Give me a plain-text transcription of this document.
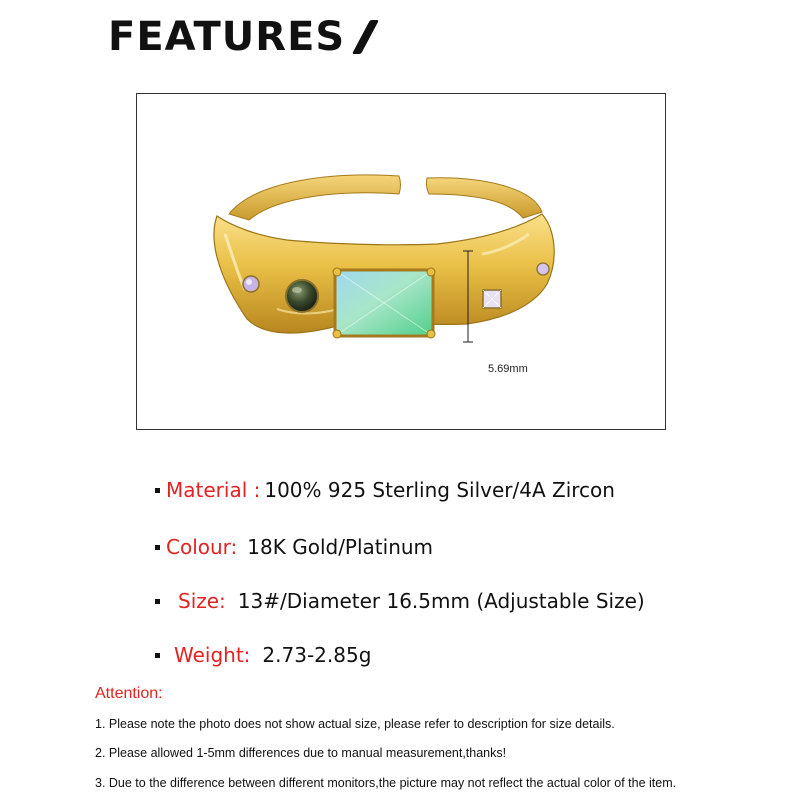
FEATURES
5.69mm
Material : 100% 925 Sterling Silver/4A Zircon
Colour: 18K Gold/Platinum
Size: 13#/Diameter 16.5mm (Adjustable Size)
Weight: 2.73-2.85g
Attention:
1. Please note the photo does not show actual size, please refer to description for size details.
2. Please allowed 1-5mm differences due to manual measurement,thanks!
3. Due to the difference between different monitors,the picture may not reflect the actual color of the item.
